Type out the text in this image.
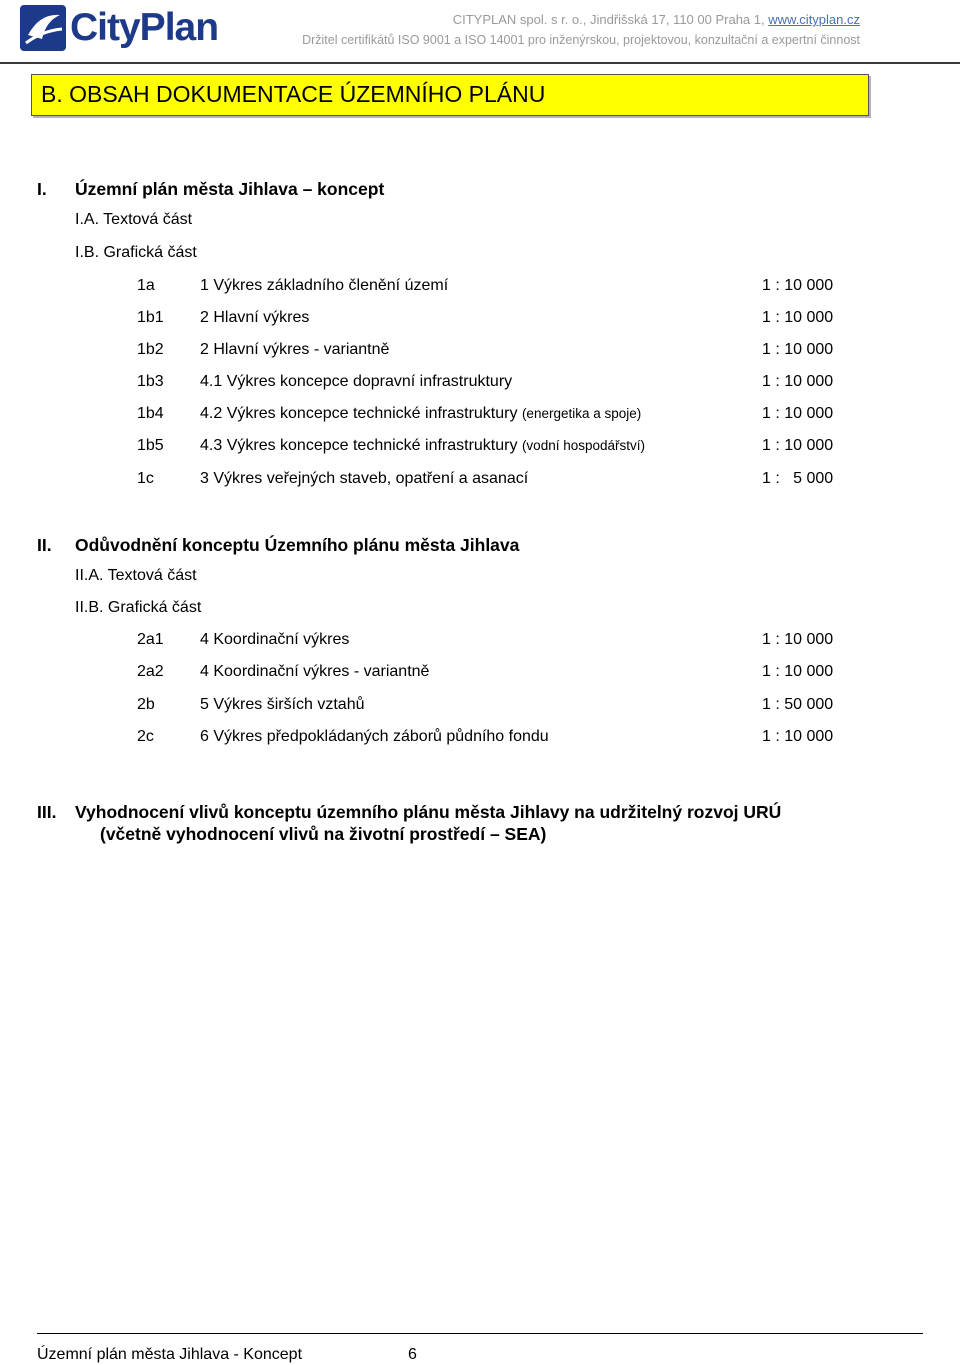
CityPlan	CITYPLAN spol. s r. o., Jindřišská 17, 110 00 Praha 1, www.cityplan.cz
Držitel certifikátů ISO 9001 a ISO 14001 pro inženýrskou, projektovou, konzultační a expertní činnost
B. OBSAH DOKUMENTACE ÚZEMNÍHO PLÁNU
I. Územní plán města Jihlava – koncept
I.A. Textová část
I.B. Grafická část
1a	1 Výkres základního členění území	1 : 10 000
1b1 2 Hlavní výkres	1 : 10 000
1b2 2 Hlavní výkres - variantně	1 : 10 000
1b3 4.1 Výkres koncepce dopravní infrastruktury	1 : 10 000
1b4 4.2 Výkres koncepce technické infrastruktury (energetika a spoje)	1 : 10 000
1b5 4.3 Výkres koncepce technické infrastruktury (vodní hospodářství)	1 : 10 000
1c	3 Výkres veřejných staveb, opatření a asanací	1 :   5 000
II. Odůvodnění konceptu Územního plánu města Jihlava
II.A. Textová část
II.B. Grafická část
2a1 4 Koordinační výkres	1 : 10 000
2a2 4 Koordinační výkres - variantně	1 : 10 000
2b	5 Výkres širších vztahů	1 : 50 000
2c	6 Výkres předpokládaných záborů půdního fondu	1 : 10 000
III. Vyhodnocení vlivů konceptu územního plánu města Jihlavy na udržitelný rozvoj URÚ
(včetně vyhodnocení vlivů na životní prostředí – SEA)
Územní plán města Jihlava - Koncept	6
